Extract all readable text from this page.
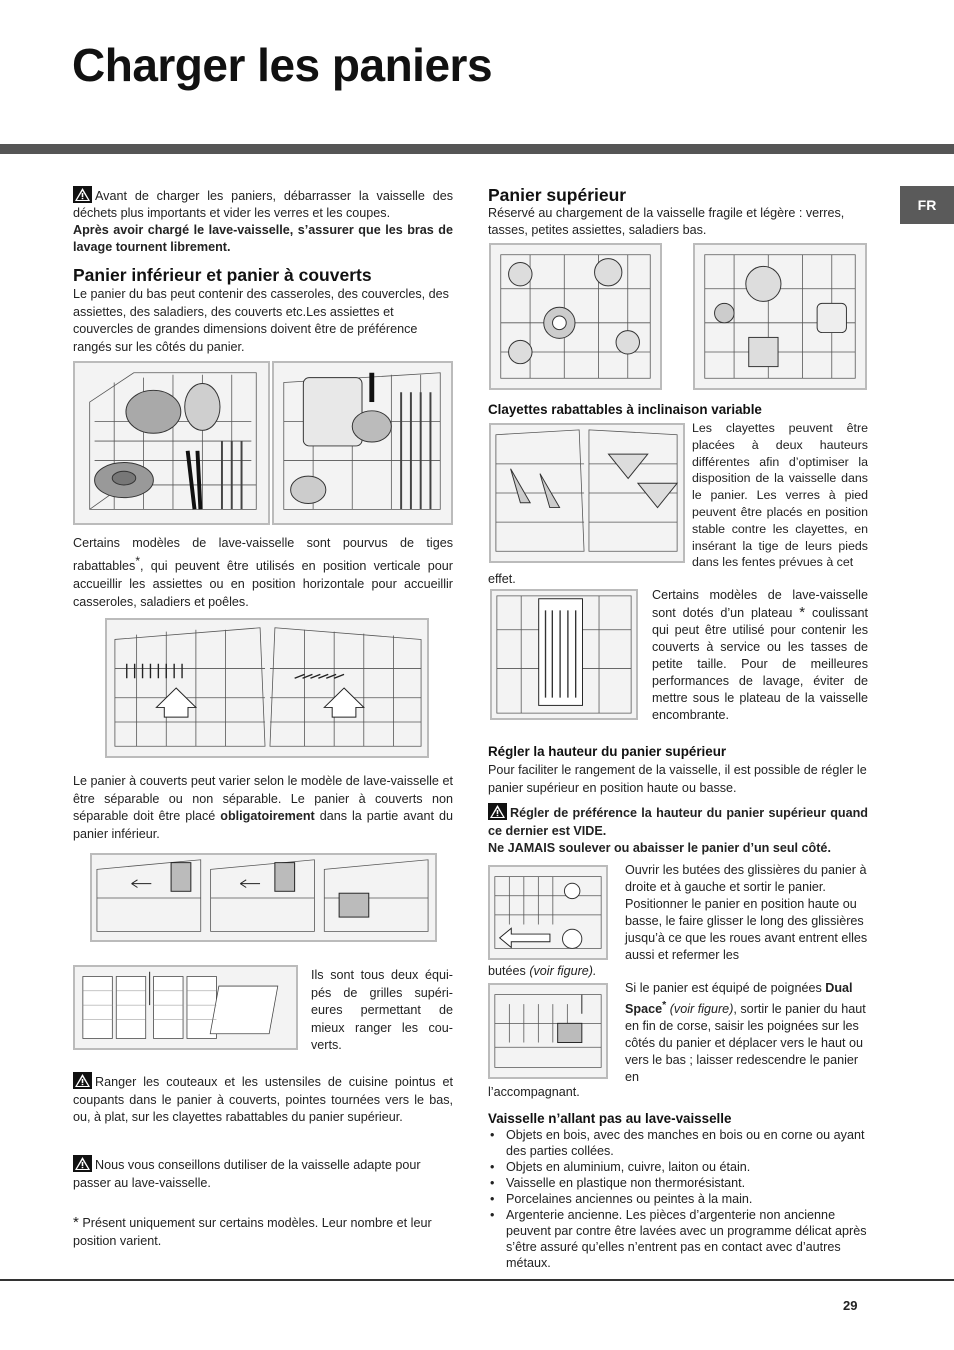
Charger les paniers
FR
Avant de charger les paniers, débarrasser la vaisselle des déchets plus importants et vider les verres et les coupes.
Après avoir chargé le lave-vaisselle, s’assurer que les bras de lavage tournent librement.
Panier inférieur et panier à couverts
Le panier du bas peut contenir des casseroles, des couvercles, des assiettes, des saladiers, des couverts etc.Les assiettes et couvercles de grandes dimensions doivent être de préférence rangés sur les côtés du panier.
Certains modèles de lave-vaisselle sont pourvus de tiges rabattables*, qui peuvent être utilisés en position verticale pour accueillir les assiettes ou en position horizontale pour accueillir casseroles, saladiers et poêles.
Le panier à couverts peut varier selon le modèle de lave-vaisselle et être séparable ou non séparable. Le panier à couverts non séparable doit être placé obligatoirement dans la partie avant du panier inférieur.
Ils sont tous deux équipés de grilles supérieures permettant de mieux ranger les couverts.
Ranger les couteaux et les ustensiles de cuisine pointus et coupants dans le panier à couverts, pointes tournées vers le bas, ou, à plat, sur les clayettes rabattables du panier supérieur.
Nous vous conseillons dutiliser de la vaisselle adapte pour passer au lave-vaisselle.
* Présent uniquement sur certains modèles. Leur nombre et leur position varient.
Panier supérieur
Réservé au chargement de la vaisselle fragile et légère : verres, tasses, petites assiettes, saladiers bas.
Clayettes rabattables à inclinaison variable
Les clayettes peuvent être placées à deux hauteurs différentes afin d’optimiser la disposition de la vaisselle dans le panier. Les verres à pied peuvent être placés en position stable contre les clayettes, en insérant la tige de leurs pieds dans les fentes prévues à cet
effet.
Certains modèles de lave-vaisselle sont dotés d’un plateau * coulissant qui peut être utilisé pour contenir les couverts à service ou les tasses de petite taille. Pour de meilleures performances de lavage, éviter de mettre sous le plateau de la vaisselle encombrante.
Régler la hauteur du panier supérieur
Pour faciliter le rangement de la vaisselle, il est possible de régler le panier supérieur en position haute ou basse.
Régler de préférence la hauteur du panier supérieur quand ce dernier est VIDE.
Ne JAMAIS soulever ou abaisser le panier d’un seul côté.
Ouvrir les butées des glissières du panier à droite et à gauche et sortir le panier. Positionner le panier en position haute ou basse, le faire glisser le long des glissières jusqu’à ce que les roues avant entrent elles aussi et refermer les
butées (voir figure).
Si le panier est équipé de poignées Dual Space* (voir figure), sortir le panier du haut en fin de corse, saisir les poignées sur les côtés du panier et déplacer vers le haut ou vers le bas ; laisser redescendre le panier en
l’accompagnant.
Vaisselle n’allant pas au lave-vaisselle
• Objets en bois, avec des manches en bois ou en corne ou ayant des parties collées.
• Objets en aluminium, cuivre, laiton ou étain.
• Vaisselle en plastique non thermorésistant.
• Porcelaines anciennes ou peintes à la main.
• Argenterie ancienne. Les pièces d’argenterie non ancienne peuvent par contre être lavées avec un programme délicat après s’être assuré qu’elles n’entrent pas en contact avec d’autres métaux.
29
